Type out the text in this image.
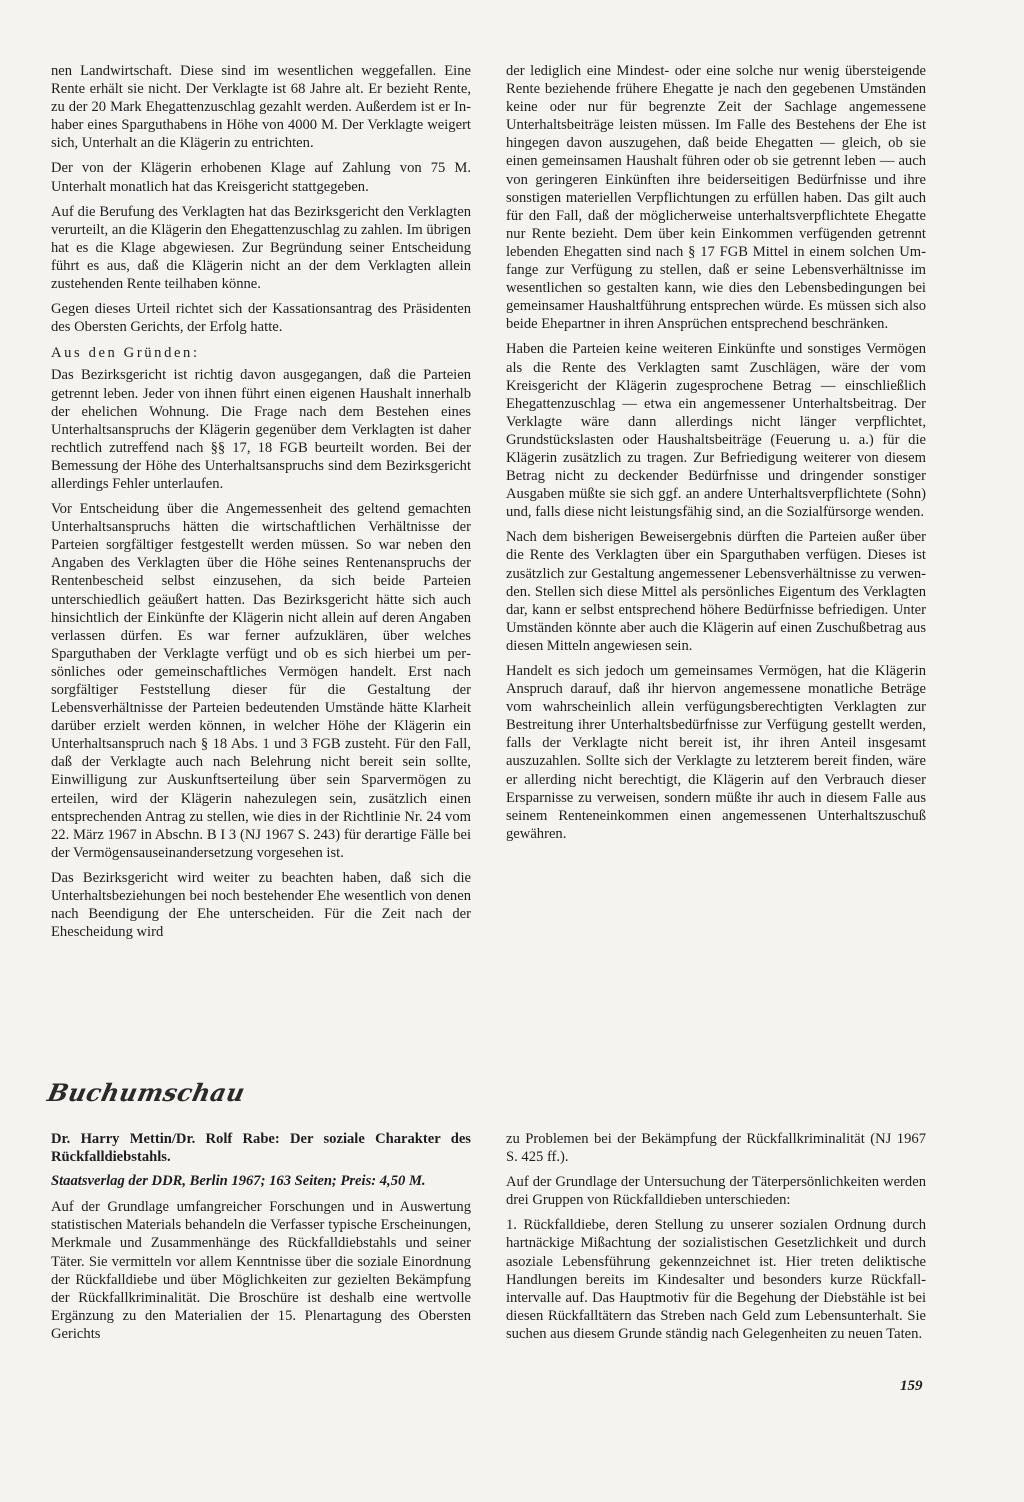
nen Landwirtschaft. Diese sind im wesentlichen weggefallen. Eine Rente erhält sie nicht. Der Verklagte ist 68 Jahre alt. Er bezieht Rente, zu der 20 Mark Ehegattenzuschlag gezahlt werden. Außerdem ist er Inhaber eines Sparguthabens in Höhe von 4000 M. Der Verklagte weigert sich, Unterhalt an die Klägerin zu entrichten.

Der von der Klägerin erhobenen Klage auf Zahlung von 75 M. Unterhalt monatlich hat das Kreisgericht stattgegeben.

Auf die Berufung des Verklagten hat das Bezirksgericht den Verklagten verurteilt, an die Klägerin den Ehegattenzuschlag zu zahlen. Im übrigen hat es die Klage abgewiesen. Zur Begründung seiner Entscheidung führt es aus, daß die Klägerin nicht an der dem Verklagten allein zustehenden Rente teilhaben könne.

Gegen dieses Urteil richtet sich der Kassationsantrag des Präsidenten des Obersten Gerichts, der Erfolg hatte.

Aus den Gründen:

Das Bezirksgericht ist richtig davon ausgegangen, daß die Parteien getrennt leben. Jeder von ihnen führt einen eigenen Haushalt innerhalb der ehelichen Wohnung. Die Frage nach dem Bestehen eines Unterhaltsanspruchs der Klägerin gegenüber dem Verklagten ist daher rechtlich zutreffend nach §§ 17, 18 FGB beurteilt worden. Bei der Bemessung der Höhe des Unterhaltsanspruchs sind dem Bezirksgericht allerdings Fehler unterlaufen.

Vor Entscheidung über die Angemessenheit des geltend gemachten Unterhaltsanspruchs hätten die wirtschaftlichen Verhältnisse der Parteien sorgfältiger festgestellt werden müssen. So war neben den Angaben des Verklagten über die Höhe seines Rentenanspruchs der Rentenbescheid selbst einzusehen, da sich beide Parteien unterschiedlich geäußert hatten. Das Bezirksgericht hätte sich auch hinsichtlich der Einkünfte der Klägerin nicht allein auf deren Angaben verlassen dürfen. Es war ferner aufzuklären, über welches Sparguthaben der Verklagte verfügt und ob es sich hierbei um persönliches oder gemeinschaftliches Vermögen handelt. Erst nach sorgfältiger Feststellung dieser für die Gestaltung der Lebensverhältnisse der Parteien bedeutenden Umstände hätte Klarheit darüber erzielt werden können, in welcher Höhe der Klägerin ein Unterhaltsanspruch nach § 18 Abs. 1 und 3 FGB zusteht. Für den Fall, daß der Verklagte auch nach Belehrung nicht bereit sein sollte, Einwilligung zur Auskunftserteilung über sein Sparvermögen zu erteilen, wird der Klägerin nahezulegen sein, zusätzlich einen entsprechenden Antrag zu stellen, wie dies in der Richtlinie Nr. 24 vom 22. März 1967 in Abschn. B I 3 (NJ 1967 S. 243) für derartige Fälle bei der Vermögensauseinandersetzung vorgesehen ist.

Das Bezirksgericht wird weiter zu beachten haben, daß sich die Unterhaltsbeziehungen bei noch bestehender Ehe wesentlich von denen nach Beendigung der Ehe unterscheiden. Für die Zeit nach der Ehescheidung wird

der lediglich eine Mindest- oder eine solche nur wenig übersteigende Rente beziehende frühere Ehegatte je nach den gegebenen Umständen keine oder nur für begrenzte Zeit der Sachlage angemessene Unterhaltsbeiträge leisten müssen. Im Falle des Bestehens der Ehe ist hingegen davon auszugehen, daß beide Ehegatten — gleich, ob sie einen gemeinsamen Haushalt führen oder ob sie getrennt leben — auch von geringeren Einkünften ihre beiderseitigen Bedürfnisse und ihre sonstigen materiellen Verpflichtungen zu erfüllen haben. Das gilt auch für den Fall, daß der möglicherweise unterhaltsverpflichtete Ehegatte nur Rente bezieht. Dem über kein Einkommen verfügenden getrennt lebenden Ehegatten sind nach § 17 FGB Mittel in einem solchen Umfange zur Verfügung zu stellen, daß er seine Lebensverhältnisse im wesentlichen so gestalten kann, wie dies den Lebensbedingungen bei gemeinsamer Haushaltführung entsprechen würde. Es müssen sich also beide Ehepartner in ihren Ansprüchen entsprechend beschränken.

Haben die Parteien keine weiteren Einkünfte und sonstiges Vermögen als die Rente des Verklagten samt Zuschlägen, wäre der vom Kreisgericht der Klägerin zugesprochene Betrag — einschließlich Ehegattenzuschlag — etwa ein angemessener Unterhaltsbeitrag. Der Verklagte wäre dann allerdings nicht länger verpflichtet, Grundstückslasten oder Haushaltsbeiträge (Feuerung u. a.) für die Klägerin zusätzlich zu tragen. Zur Befriedigung weiterer von diesem Betrag nicht zu deckender Bedürfnisse und dringender sonstiger Ausgaben müßte sie sich ggf. an andere Unterhaltsverpflichtete (Sohn) und, falls diese nicht leistungsfähig sind, an die Sozialfürsorge wenden.

Nach dem bisherigen Beweisergebnis dürften die Parteien außer über die Rente des Verklagten über ein Sparguthaben verfügen. Dieses ist zusätzlich zur Gestaltung angemessener Lebensverhältnisse zu verwenden. Stellen sich diese Mittel als persönliches Eigentum des Verklagten dar, kann er selbst entsprechend höhere Bedürfnisse befriedigen. Unter Umständen könnte aber auch die Klägerin auf einen Zuschußbetrag aus diesen Mitteln angewiesen sein.

Handelt es sich jedoch um gemeinsames Vermögen, hat die Klägerin Anspruch darauf, daß ihr hiervon angemessene monatliche Beträge vom wahrscheinlich allein verfügungsberechtigten Verklagten zur Bestreitung ihrer Unterhaltsbedürfnisse zur Verfügung gestellt werden, falls der Verklagte nicht bereit ist, ihr ihren Anteil insgesamt auszuzahlen. Sollte sich der Verklagte zu letzterem bereit finden, wäre er allerding nicht berechtigt, die Klägerin auf den Verbrauch dieser Ersparnisse zu verweisen, sondern müßte ihr auch in diesem Falle aus seinem Renteneinkommen einen angemessenen Unterhaltszuschuß gewähren.

Buchumschau

Dr. Harry Mettin/Dr. Rolf Rabe: Der soziale Charakter des Rückfalldiebstahls.

Staatsverlag der DDR, Berlin 1967; 163 Seiten; Preis: 4,50 M.

Auf der Grundlage umfangreicher Forschungen und in Auswertung statistischen Materials behandeln die Verfasser typische Erscheinungen, Merkmale und Zusammenhänge des Rückfalldiebstahls und seiner Täter. Sie vermitteln vor allem Kenntnisse über die soziale Einordnung der Rückfalldiebe und über Möglichkeiten zur gezielten Bekämpfung der Rückfallkriminalität. Die Broschüre ist deshalb eine wertvolle Ergänzung zu den Materialien der 15. Plenartagung des Obersten Gerichts

zu Problemen bei der Bekämpfung der Rückfallkriminalität (NJ 1967 S. 425 ff.).

Auf der Grundlage der Untersuchung der Täterpersönlichkeiten werden drei Gruppen von Rückfalldieben unterschieden:

1. Rückfalldiebe, deren Stellung zu unserer sozialen Ordnung durch hartnäckige Mißachtung der sozialistischen Gesetzlichkeit und durch asoziale Lebensführung gekennzeichnet ist. Hier treten deliktische Handlungen bereits im Kindesalter und besonders kurze Rückfallintervalle auf. Das Hauptmotiv für die Begehung der Diebstähle ist bei diesen Rückfalltätern das Streben nach Geld zum Lebensunterhalt. Sie suchen aus diesem Grunde ständig nach Gelegenheiten zu neuen Taten.

159
